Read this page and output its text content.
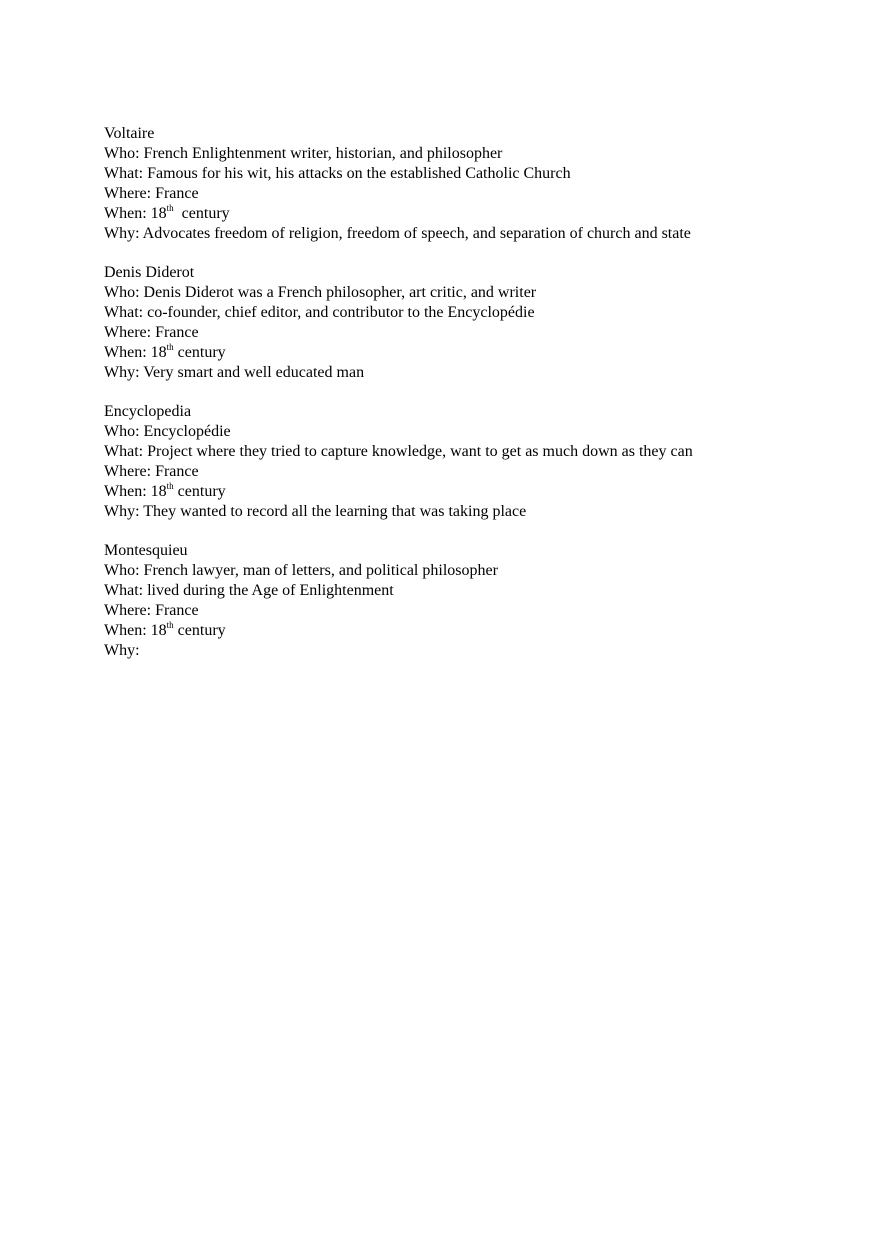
Voltaire
Who: French Enlightenment writer, historian, and philosopher
What: Famous for his wit, his attacks on the established Catholic Church
Where: France
When: 18th  century
Why: Advocates freedom of religion, freedom of speech, and separation of church and state
Denis Diderot
Who: Denis Diderot was a French philosopher, art critic, and writer
What: co-founder, chief editor, and contributor to the Encyclopédie
Where: France
When: 18th century
Why: Very smart and well educated man
Encyclopedia
Who: Encyclopédie
What: Project where they tried to capture knowledge, want to get as much down as they can
Where: France
When: 18th century
Why: They wanted to record all the learning that was taking place
Montesquieu
Who: French lawyer, man of letters, and political philosopher
What: lived during the Age of Enlightenment
Where: France
When: 18th century
Why:
